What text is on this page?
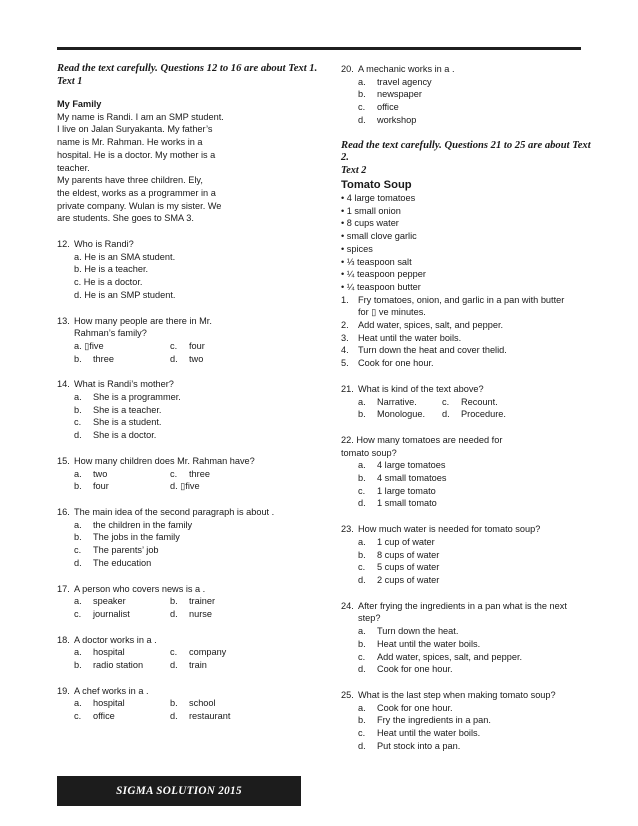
Read the text carefully. Questions 12 to 16 are about Text 1.
Text 1
My Family
My name is Randi. I am an SMP student.
I live on Jalan Suryakanta. My father’s
name is Mr. Rahman. He works in a
hospital. He is a doctor. My mother is a
teacher.
My parents have three children. Ely,
the eldest, works as a programmer in a
private company. Wulan is my sister. We
are students. She goes to SMA 3.
12. Who is Randi?
a. He is an SMA student.
b. He is a teacher.
c. He is a doctor.
d. He is an SMP student.
13. How many people are there in Mr.
Rahman’s family?
a. ▯five	c.	four
b.	three	d.	two
14. What is Randi’s mother?
a.	She is a programmer.
b.	She is a teacher.
c.	She is a student.
d.	She is a doctor.
15. How many children does Mr. Rahman have?
a.	two	c.	three
b.	four	d. ▯five
16. The main idea of the second paragraph is about .
a.	the children in the family
b.	The jobs in the family
c.	The parents’ job
d.	The education
17. A person who covers news is a .
a.	speaker	b.	trainer
c.	journalist	d.	nurse
18. A doctor works in a .
a.	hospital	c.	company
b.	radio station	d.	train
19. A chef works in a .
a.	hospital	b.	school
c.	office	d.	restaurant
20. A mechanic works in a .
a.	travel agency
b.	newspaper
c.	office
d.	workshop
Read the text carefully. Questions 21 to 25 are about Text 2.
Text 2
Tomato Soup
• 4 large tomatoes
• 1 small onion
• 8 cups water
• small clove garlic
• spices
• ⅓ teaspoon salt
• ¼ teaspoon pepper
• ¼ teaspoon butter
1.	Fry tomatoes, onion, and garlic in a pan with butter
for ▯ ve minutes.
2.	Add water, spices, salt, and pepper.
3.	Heat until the water boils.
4.	Turn down the heat and cover thelid.
5.	Cook for one hour.
21. What is kind of the text above?
a.	Narrative.	c.	Recount.
b.	Monologue. d.	Procedure.
22. How many tomatoes are needed for
tomato soup?
a.	4 large tomatoes
b.	4 small tomatoes
c.	1 large tomato
d.	1 small tomato
23. How much water is needed for tomato soup?
a.	1 cup of water
b.	8 cups of water
c.	5 cups of water
d.	2 cups of water
24. After frying the ingredients in a pan what is the next
step?
a.	Turn down the heat.
b.	Heat until the water boils.
c.	Add water, spices, salt, and pepper.
d.	Cook for one hour.
25. What is the last step when making tomato soup?
a.	Cook for one hour.
b.	Fry the ingredients in a pan.
c.	Heat until the water boils.
d.	Put stock into a pan.
SIGMA SOLUTION 2015
